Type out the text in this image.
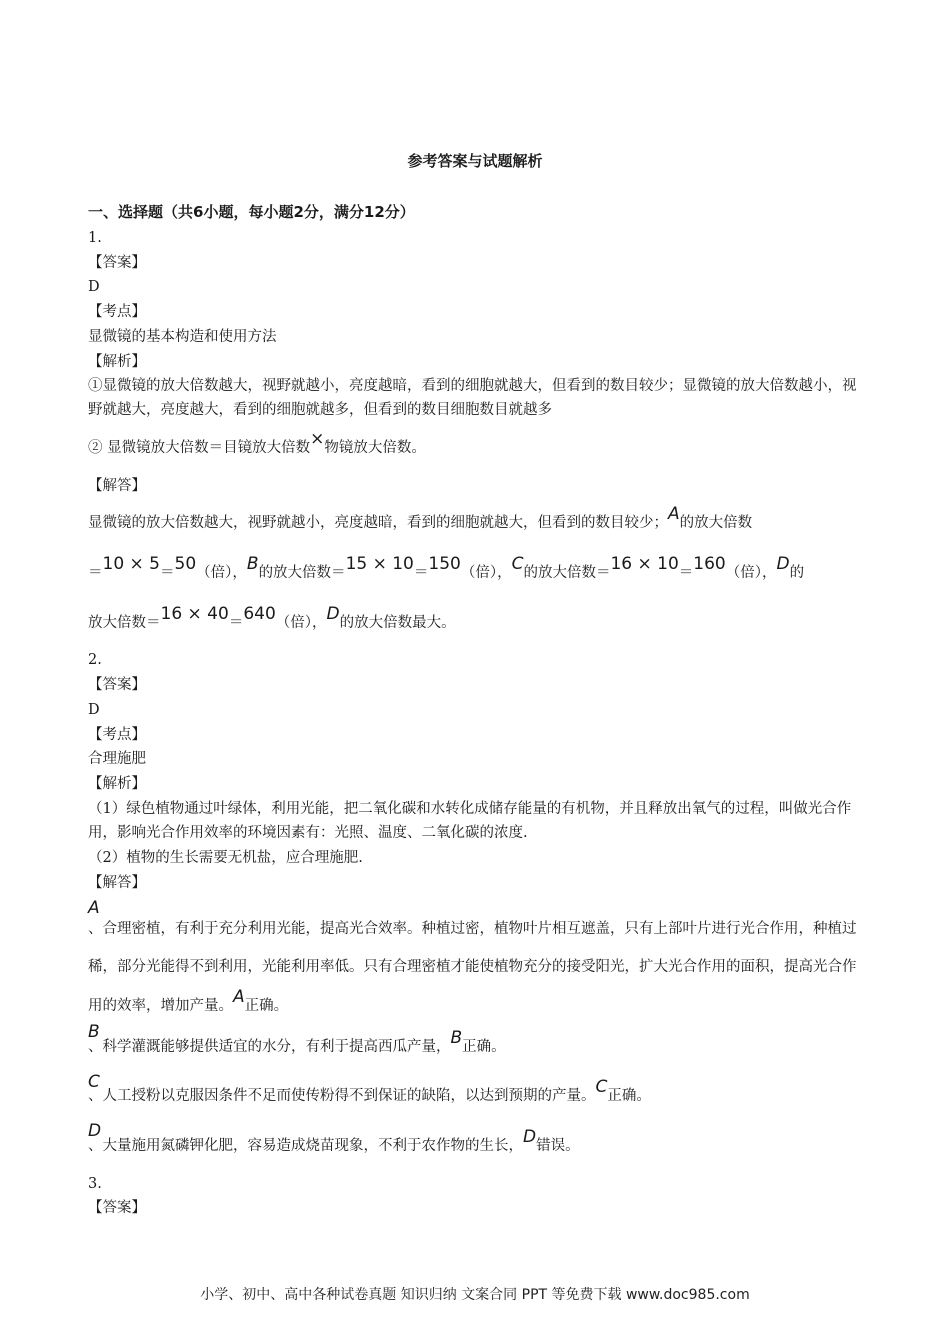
参考答案与试题解析
一、选择题（共6小题，每小题2分，满分12分）
1.
【答案】
D
【考点】
显微镜的基本构造和使用方法
【解析】
①显微镜的放大倍数越大，视野就越小，亮度越暗，看到的细胞就越大，但看到的数目较少；显微镜的放大倍数越小，视野就越大，亮度越大，看到的细胞就越多，但看到的数目细胞数目就越多
② 显微镜放大倍数＝目镜放大倍数×物镜放大倍数。
【解答】
显微镜的放大倍数越大，视野就越小，亮度越暗，看到的细胞就越大，但看到的数目较少；A的放大倍数
＝10 × 5＝50（倍），B的放大倍数＝15 × 10＝150（倍），C的放大倍数＝16 × 10＝160（倍），D的
放大倍数＝16 × 40＝640（倍），D的放大倍数最大。
2.
【答案】
D
【考点】
合理施肥
【解析】
（1）绿色植物通过叶绿体，利用光能，把二氧化碳和水转化成储存能量的有机物，并且释放出氧气的过程，叫做光合作用，影响光合作用效率的环境因素有：光照、温度、二氧化碳的浓度.
（2）植物的生长需要无机盐，应合理施肥.
【解答】
A
、合理密植，有利于充分利用光能，提高光合效率。种植过密，植物叶片相互遮盖，只有上部叶片进行光合作用，种植过稀，部分光能得不到利用，光能利用率低。只有合理密植才能使植物充分的接受阳光，扩大光合作用的面积，提高光合作用的效率，增加产量。A正确。
B
、科学灌溉能够提供适宜的水分，有利于提高西瓜产量，B正确。
C
、人工授粉以克服因条件不足而使传粉得不到保证的缺陷，以达到预期的产量。C正确。
D
、大量施用氮磷钾化肥，容易造成烧苗现象，不利于农作物的生长，D错误。
3.
【答案】
小学、初中、高中各种试卷真题 知识归纳 文案合同 PPT 等免费下载 www.doc985.com
